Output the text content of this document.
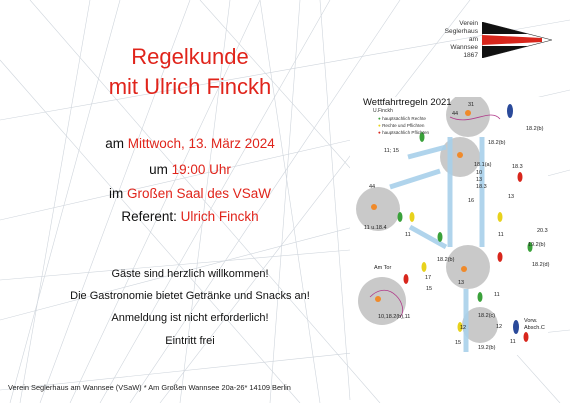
Regelkunde
mit Ulrich Finckh
am Mittwoch, 13. März 2024
um 19:00 Uhr
im Großen Saal des VSaW
Referent: Ulrich Finckh
Gäste sind herzlich willkommen!
Die Gastronomie bietet Getränke und Snacks an!
Anmeldung ist nicht erforderlich!
Eintritt frei
Verein Seglerhaus am Wannsee (VSaW) * Am Großen Wannsee 20a-26* 14109 Berlin
Verein
Seglerhaus
am
Wannsee
1867
Wettfahrtregeln 2021
U.Finckh
● hauptsächlich Rechte
● Rechte und Pflichten
● hauptsächlich Pflichten
31
44
18.2(b)
11; 15
18.2(b)
18.1(a)
10
13
18.3
13
16
18.3
44
11 u.18.4
11
18.2(b)
11
20.3
19.2(b)
Am Tor
15
18.2(d)
10,18.2(b),11
Vorw.
Absch.C
12
17
19.2(b)
11
13
18.2(c)
11
12
15
